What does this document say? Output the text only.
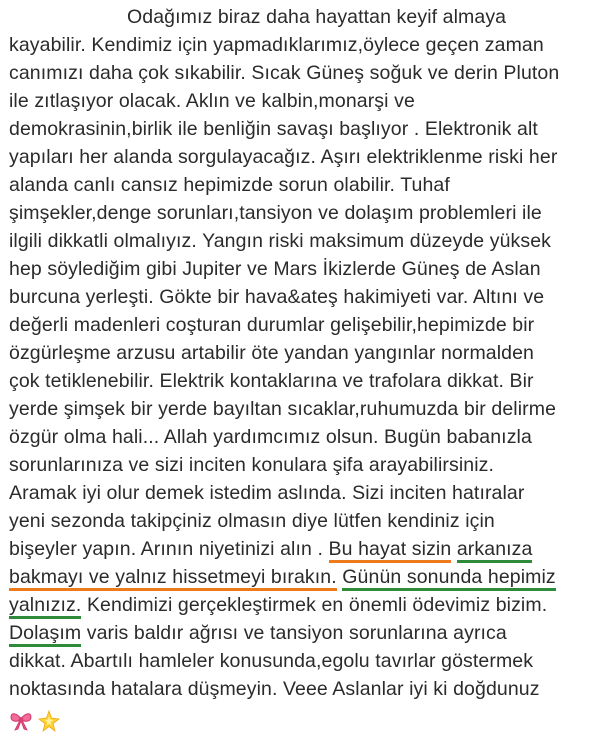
Odağımız biraz daha hayattan keyif almaya
kayabilir. Kendimiz için yapmadıklarımız,öylece geçen zaman
canımızı daha çok sıkabilir. Sıcak Güneş soğuk ve derin Pluton
ile zıtlaşıyor olacak. Aklın ve kalbin,monarşi ve
demokrasinin,birlik ile benliğin savaşı başlıyor . Elektronik alt
yapıları her alanda sorgulayacağız. Aşırı elektriklenme riski her
alanda canlı cansız hepimizde sorun olabilir. Tuhaf
şimşekler,denge sorunları,tansiyon ve dolaşım problemleri ile
ilgili dikkatli olmalıyız. Yangın riski maksimum düzeyde yüksek
hep söylediğim gibi Jupiter ve Mars İkizlerde Güneş de Aslan
burcuna yerleşti. Gökte bir hava&ateş hakimiyeti var. Altını ve
değerli madenleri coşturan durumlar gelişebilir,hepimizde bir
özgürleşme arzusu artabilir öte yandan yangınlar normalden
çok tetiklenebilir. Elektrik kontaklarına ve trafolara dikkat. Bir
yerde şimşek bir yerde bayıltan sıcaklar,ruhumuzda bir delirme
özgür olma hali... Allah yardımcımız olsun. Bugün babanızla
sorunlarınıza ve sizi inciten konulara şifa arayabilirsiniz.
Aramak iyi olur demek istedim aslında. Sizi inciten hatıralar
yeni sezonda takipçiniz olmasın diye lütfen kendiniz için
bişeyler yapın. Arının niyetinizi alın . Bu hayat sizin arkanıza
bakmayı ve yalnız hissetmeyi bırakın. Günün sonunda hepimiz
yalnızız. Kendimizi gerçekleştirmek en önemli ödevimiz bizim.
Dolaşım varis baldır ağrısı ve tansiyon sorunlarına ayrıca
dikkat. Abartılı hamleler konusunda,egolu tavırlar göstermek
noktasında hatalara düşmeyin. Veee Aslanlar iyi ki doğdunuz
